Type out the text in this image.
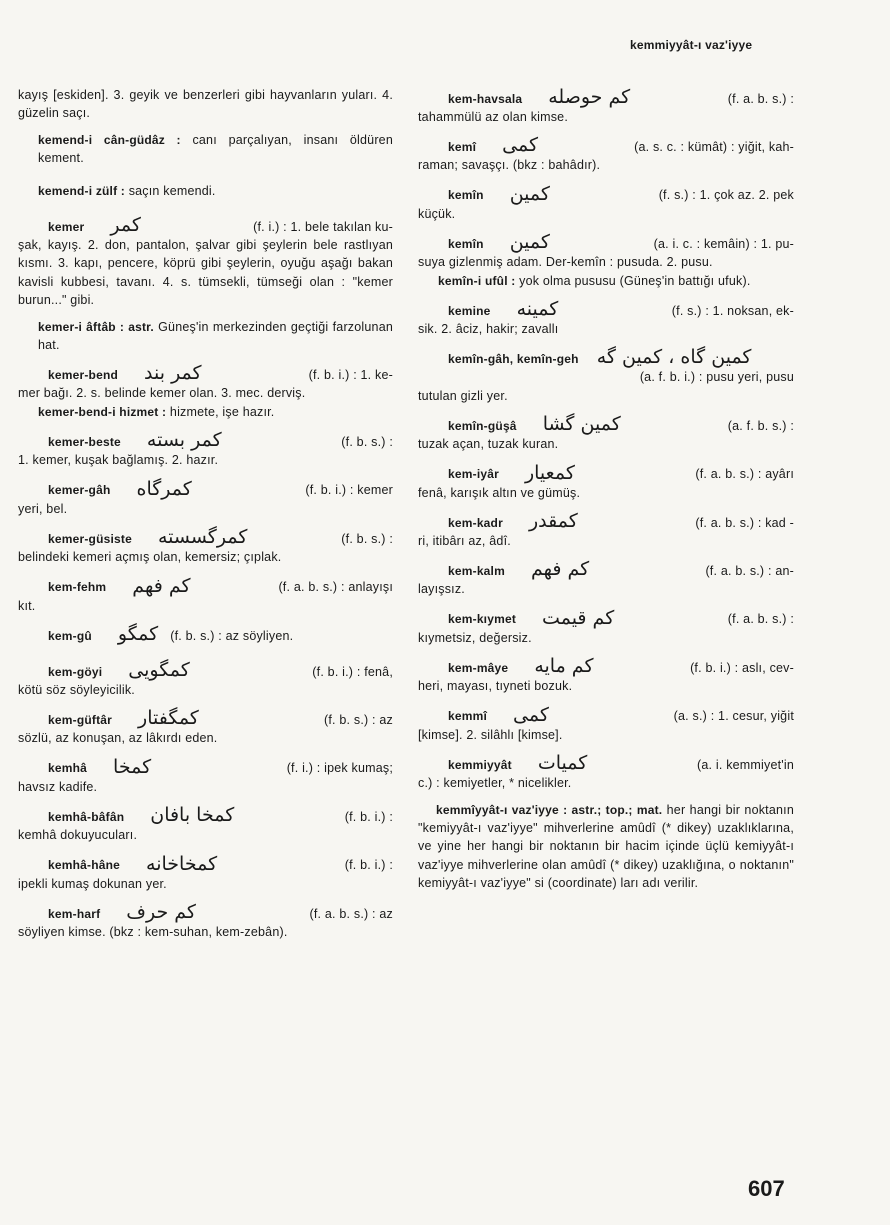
kemmiyyât-ı vaz'iyye

kayış [eskiden]. 3. geyik ve benzerleri gibi hayvanların yuları. 4. güzelin saçı.

kemend-i cân-güdâz : canı parçalıyan, insanı öldüren kement.

kemend-i zülf : saçın kemendi.

kemer كمر	(f. i.) : 1. bele takılan ku-

şak, kayış. 2. don, pantalon, şalvar gibi şeylerin bele rastlıyan kısmı. 3. kapı, pencere, köprü gibi şeylerin, oyuğu aşağı bakan kavisli kubbesi, tavanı. 4. s. tümsekli, tümseği olan : "kemer burun..." gibi.

kemer-i âftâb : astr. Güneş'in merkezinden geçtiği farzolunan hat.

kemer-bend كمر بند	(f. b. i.) : 1. ke-

mer bağı. 2. s. belinde kemer olan. 3. mec. derviş.

kemer-bend-i hizmet : hizmete, işe hazır.

kemer-beste كمر بسته	(f. b. s.) :

1. kemer, kuşak bağlamış. 2. hazır.

kemer-gâh كمرگاه	(f. b. i.) : kemer

yeri, bel.

kemer-güsiste كمرگسسته	(f. b. s.) :

belindeki kemeri açmış olan, kemersiz; çıplak.

kem-fehm كم فهم	(f. a. b. s.) : anlayışı

kıt.

kem-gû كمگو (f. b. s.) : az söyliyen.
kem-göyi كمگويى	(f. b. i.) : fenâ,

kötü söz söyleyicilik.

kem-güftâr كمگفتار	(f. b. s.) : az

sözlü, az konuşan, az lâkırdı eden.

kemhâ كمخا	(f. i.) : ipek kumaş;

havsız kadife.

kemhâ-bâfân كمخا بافان	(f. b. i.) :

kemhâ dokuyucuları.

kemhâ-hâne كمخاخانه	(f. b. i.) :

ipekli kumaş dokunan yer.

kem-harf كم حرف	(f. a. b. s.) : az

söyliyen kimse. (bkz : kem-suhan, kem-zebân).

kem-havsala كم حوصله	(f. a. b. s.) :

tahammülü az olan kimse.

kemî كمى	(a. s. c. : kümât) : yiğit, kah-

raman; savaşçı. (bkz : bahâdır).

kemîn كمين	(f. s.) : 1. çok az. 2. pek

küçük.

kemîn كمين	(a. i. c. : kemâin) : 1. pu-

suya gizlenmiş adam. Der-kemîn : pusuda. 2. pusu.

kemîn-i ufûl : yok olma pususu (Güneş'in battığı ufuk).

kemine كمينه	(f. s.) : 1. noksan, ek-

sik. 2. âciz, hakir; zavallı

kemîn-gâh, kemîn-geh كمين گاه ، كمين گه
(a. f. b. i.) : pusu yeri, pusu

tutulan gizli yer.

kemîn-güşâ كمين گشا	(a. f. b. s.) :

tuzak açan, tuzak kuran.

kem-iyâr كمعيار	(f. a. b. s.) : ayârı

fenâ, karışık altın ve gümüş.

kem-kadr كمقدر	(f. a. b. s.) : kad -

ri, itibârı az, âdî.

kem-kalm كم فهم	(f. a. b. s.) : an-

layışsız.

kem-kıymet كم قيمت	(f. a. b. s.) :

kıymetsiz, değersiz.

kem-mâye كم مايه	(f. b. i.) : aslı, cev-

heri, mayası, tıyneti bozuk.

kemmî كمى	(a. s.) : 1. cesur, yiğit

[kimse]. 2. silâhlı [kimse].

kemmiyyât كميات	(a. i. kemmiyet'in

c.) : kemiyetler, * nicelikler.

kemmîyyât-ı vaz'iyye : astr.; top.; mat. her hangi bir noktanın "kemiyyât-ı vaz'iyye" mihverlerine amûdî (* dikey) uzaklıklarına, ve yine her hangi bir noktanın bir hacim içinde üçlü kemiyyât-ı vaz'iyye mihverlerine olan amûdî (* dikey) uzaklığına, o noktanın" kemiyyât-ı vaz'iyye" si (coordinate) ları adı verilir.

607
